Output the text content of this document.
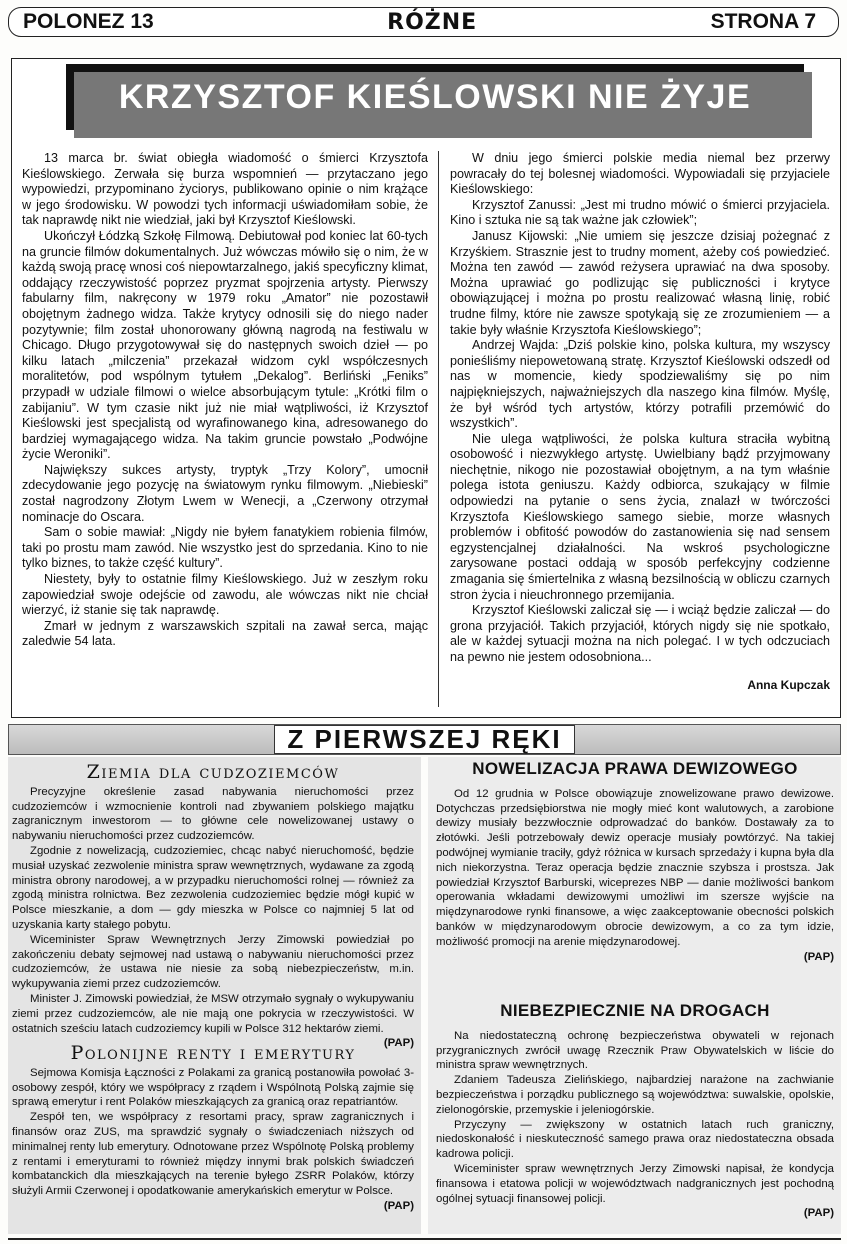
POLONEZ 13	RÓŻNE	STRONA 7
KRZYSZTOF KIEŚLOWSKI NIE ŻYJE

13 marca br. świat obiegła wiadomość o śmierci Krzysztofa Kieślowskiego. Zerwała się burza wspomnień — przytaczano jego wypowiedzi, przypominano życiorys, publikowano opinie o nim krążące w jego środowisku. W powodzi tych informacji uświadomiłam sobie, że tak naprawdę nikt nie wiedział, jaki był Krzysztof Kieślowski.

Ukończył Łódzką Szkołę Filmową. Debiutował pod koniec lat 60-tych na gruncie filmów dokumentalnych. Już wówczas mówiło się o nim, że w każdą swoją pracę wnosi coś niepowtarzalnego, jakiś specyficzny klimat, oddający rzeczywistość poprzez pryzmat spojrzenia artysty. Pierwszy fabularny film, nakręcony w 1979 roku „Amator” nie pozostawił obojętnym żadnego widza. Także krytycy odnosili się do niego nader pozytywnie; film został uhonorowany główną nagrodą na festiwalu w Chicago. Długo przygotowywał się do następnych swoich dzieł — po kilku latach „milczenia” przekazał widzom cykl współczesnych moralitetów, pod wspólnym tytułem „Dekalog”. Berliński „Feniks” przypadł w udziale filmowi o wielce absorbującym tytule: „Krótki film o zabijaniu”. W tym czasie nikt już nie miał wątpliwości, iż Krzysztof Kieślowski jest specjalistą od wyrafinowanego kina, adresowanego do bardziej wymagającego widza. Na takim gruncie powstało „Podwójne życie Weroniki”.

Największy sukces artysty, tryptyk „Trzy Kolory”, umocnił zdecydowanie jego pozycję na światowym rynku filmowym. „Niebieski” został nagrodzony Złotym Lwem w Wenecji, a „Czerwony otrzymał nominacje do Oscara.

Sam o sobie mawiał: „Nigdy nie byłem fanatykiem robienia filmów, taki po prostu mam zawód. Nie wszystko jest do sprzedania. Kino to nie tylko biznes, to także część kultury”.

Niestety, były to ostatnie filmy Kieślowskiego. Już w zeszłym roku zapowiedział swoje odejście od zawodu, ale wówczas nikt nie chciał wierzyć, iż stanie się tak naprawdę.

Zmarł w jednym z warszawskich szpitali na zawał serca, mając zaledwie 54 lata.

W dniu jego śmierci polskie media niemal bez przerwy powracały do tej bolesnej wiadomości. Wypowiadali się przyjaciele Kieślowskiego:

Krzysztof Zanussi: „Jest mi trudno mówić o śmierci przyjaciela. Kino i sztuka nie są tak ważne jak człowiek”;

Janusz Kijowski: „Nie umiem się jeszcze dzisiaj pożegnać z Krzyśkiem. Strasznie jest to trudny moment, ażeby coś powiedzieć. Można ten zawód — zawód reżysera uprawiać na dwa sposoby. Można uprawiać go podlizując się publiczności i krytyce obowiązującej i można po prostu realizować własną linię, robić trudne filmy, które nie zawsze spotykają się ze zrozumieniem — a takie były właśnie Krzysztofa Kieślowskiego”;

Andrzej Wajda: „Dziś polskie kino, polska kultura, my wszyscy ponieśliśmy niepowetowaną stratę. Krzysztof Kieślowski odszedł od nas w momencie, kiedy spodziewaliśmy się po nim najpiękniejszych, najważniejszych dla naszego kina filmów. Myślę, że był wśród tych artystów, którzy potrafili przemówić do wszystkich”.

Nie ulega wątpliwości, że polska kultura straciła wybitną osobowość i niezwykłego artystę. Uwielbiany bądź przyjmowany niechętnie, nikogo nie pozostawiał obojętnym, a na tym właśnie polega istota geniuszu. Każdy odbiorca, szukający w filmie odpowiedzi na pytanie o sens życia, znalazł w twórczości Krzysztofa Kieślowskiego samego siebie, morze własnych problemów i obfitość powodów do zastanowienia się nad sensem egzystencjalnej działalności. Na wskroś psychologiczne zarysowane postaci oddają w sposób perfekcyjny codzienne zmagania się śmiertelnika z własną bezsilnością w obliczu czarnych stron życia i nieuchronnego przemijania.

Krzysztof Kieślowski zaliczał się — i wciąż będzie zaliczał — do grona przyjaciół. Takich przyjaciół, których nigdy się nie spotkało, ale w każdej sytuacji można na nich polegać. I w tych odczuciach na pewno nie jestem odosobniona...

Anna Kupczak
Z PIERWSZEJ RĘKI
Ziemia dla cudzoziemców

Precyzyjne określenie zasad nabywania nieruchomości przez cudzoziemców i wzmocnienie kontroli nad zbywaniem polskiego majątku zagranicznym inwestorom — to główne cele nowelizowanej ustawy o nabywaniu nieruchomości przez cudzoziemców.

Zgodnie z nowelizacją, cudzoziemiec, chcąc nabyć nieruchomość, będzie musiał uzyskać zezwolenie ministra spraw wewnętrznych, wydawane za zgodą ministra obrony narodowej, a w przypadku nieruchomości rolnej — również za zgodą ministra rolnictwa. Bez zezwolenia cudzoziemiec będzie mógł kupić w Polsce mieszkanie, a dom — gdy mieszka w Polsce co najmniej 5 lat od uzyskania karty stałego pobytu.

Wiceminister Spraw Wewnętrznych Jerzy Zimowski powiedział po zakończeniu debaty sejmowej nad ustawą o nabywaniu nieruchomości przez cudzoziemców, że ustawa nie niesie za sobą niebezpieczeństw, m.in. wykupywania ziemi przez cudzoziemców.

Minister J. Zimowski powiedział, że MSW otrzymało sygnały o wykupywaniu ziemi przez cudzoziemców, ale nie mają one pokrycia w rzeczywistości. W ostatnich sześciu latach cudzoziemcy kupili w Polsce 312 hektarów ziemi.

(PAP)

Polonijne renty i emerytury

Sejmowa Komisja Łączności z Polakami za granicą postanowiła powołać 3-osobowy zespół, który we współpracy z rządem i Wspólnotą Polską zajmie się sprawą emerytur i rent Polaków mieszkających za granicą oraz repatriantów.

Zespół ten, we współpracy z resortami pracy, spraw zagranicznych i finansów oraz ZUS, ma sprawdzić sygnały o świadczeniach niższych od minimalnej renty lub emerytury. Odnotowane przez Wspólnotę Polską problemy z rentami i emeryturami to również między innymi brak polskich świadczeń kombatanckich dla mieszkających na terenie byłego ZSRR Polaków, którzy służyli Armii Czerwonej i opodatkowanie amerykańskich emerytur w Polsce.

(PAP)

NOWELIZACJA PRAWA DEWIZOWEGO

Od 12 grudnia w Polsce obowiązuje znowelizowane prawo dewizowe. Dotychczas przedsiębiorstwa nie mogły mieć kont walutowych, a zarobione dewizy musiały bezzwłocznie odprowadzać do banków. Dostawały za to złotówki. Jeśli potrzebowały dewiz operacje musiały powtórzyć. Na takiej podwójnej wymianie traciły, gdyż różnica w kursach sprzedaży i kupna była dla nich niekorzystna. Teraz operacja będzie znacznie szybsza i prostsza. Jak powiedział Krzysztof Barburski, wiceprezes NBP — danie możliwości bankom operowania wkładami dewizowymi umożliwi im szersze wyjście na międzynarodowe rynki finansowe, a więc zaakceptowanie obecności polskich banków w międzynarodowym obrocie dewizowym, a co za tym idzie, możliwość promocji na arenie międzynarodowej.

(PAP)

NIEBEZPIECZNIE NA DROGACH

Na niedostateczną ochronę bezpieczeństwa obywateli w rejonach przygranicznych zwrócił uwagę Rzecznik Praw Obywatelskich w liście do ministra spraw wewnętrznych.

Zdaniem Tadeusza Zielińskiego, najbardziej narażone na zachwianie bezpieczeństwa i porządku publicznego są województwa: suwalskie, opolskie, zielonogórskie, przemyskie i jeleniogórskie.

Przyczyny — zwiększony w ostatnich latach ruch graniczny, niedoskonałość i nieskuteczność samego prawa oraz niedostateczna obsada kadrowa policji.

Wiceminister spraw wewnętrznych Jerzy Zimowski napisał, że kondycja finansowa i etatowa policji w województwach nadgranicznych jest pochodną ogólnej sytuacji finansowej policji.

(PAP)
